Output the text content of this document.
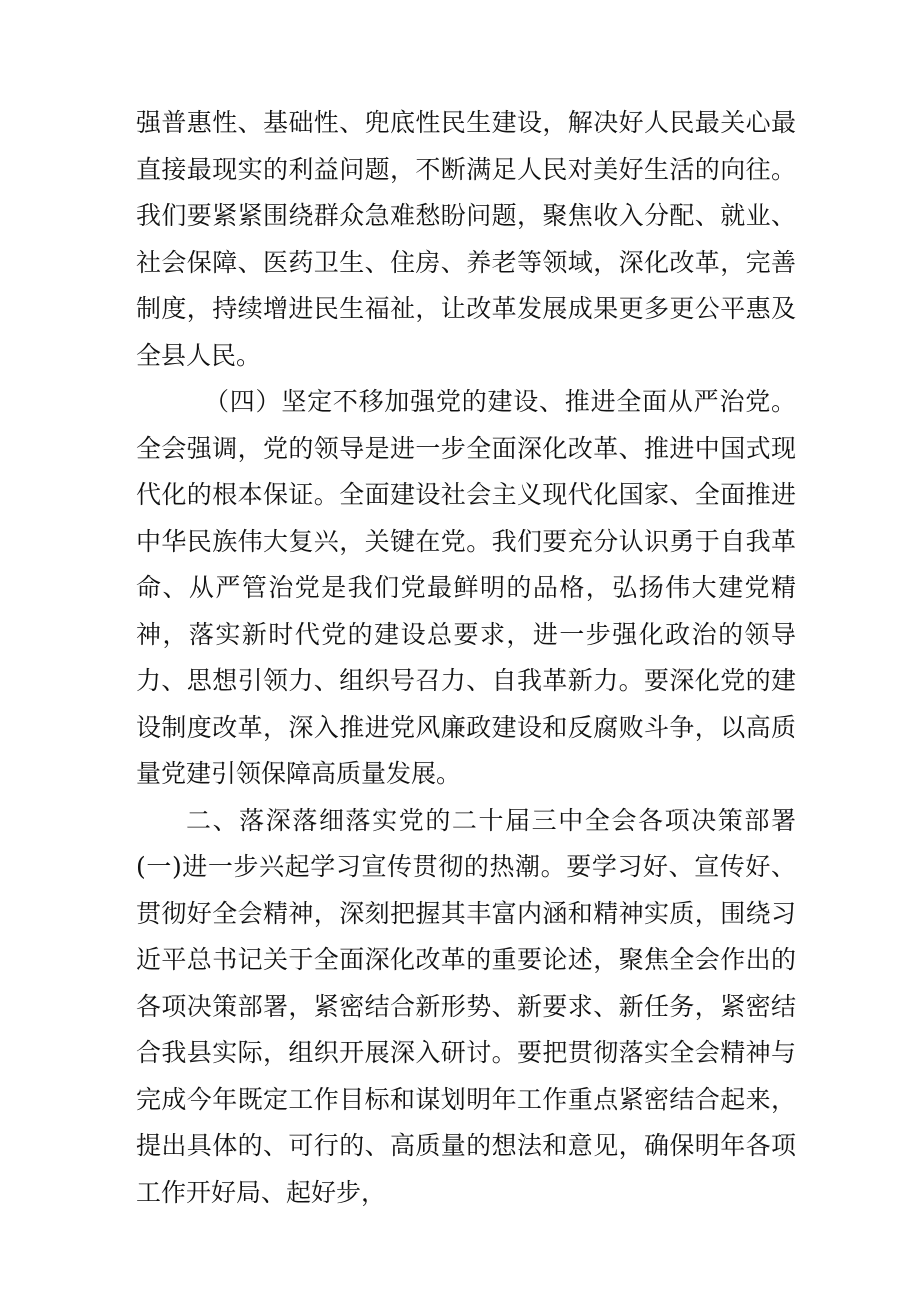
强普惠性、基础性、兜底性民生建设，解决好人民最关心最直接最现实的利益问题，不断满足人民对美好生活的向往。我们要紧紧围绕群众急难愁盼问题，聚焦收入分配、就业、社会保障、医药卫生、住房、养老等领域，深化改革，完善制度，持续增进民生福祉，让改革发展成果更多更公平惠及全县人民。

（四）坚定不移加强党的建设、推进全面从严治党。全会强调，党的领导是进一步全面深化改革、推进中国式现代化的根本保证。全面建设社会主义现代化国家、全面推进中华民族伟大复兴，关键在党。我们要充分认识勇于自我革命、从严管治党是我们党最鲜明的品格，弘扬伟大建党精神，落实新时代党的建设总要求，进一步强化政治的领导力、思想引领力、组织号召力、自我革新力。要深化党的建设制度改革，深入推进党风廉政建设和反腐败斗争，以高质量党建引领保障高质量发展。

二、落深落细落实党的二十届三中全会各项决策部署(一)进一步兴起学习宣传贯彻的热潮。要学习好、宣传好、贯彻好全会精神，深刻把握其丰富内涵和精神实质，围绕习近平总书记关于全面深化改革的重要论述，聚焦全会作出的各项决策部署，紧密结合新形势、新要求、新任务，紧密结合我县实际，组织开展深入研讨。要把贯彻落实全会精神与完成今年既定工作目标和谋划明年工作重点紧密结合起来，提出具体的、可行的、高质量的想法和意见，确保明年各项工作开好局、起好步，
